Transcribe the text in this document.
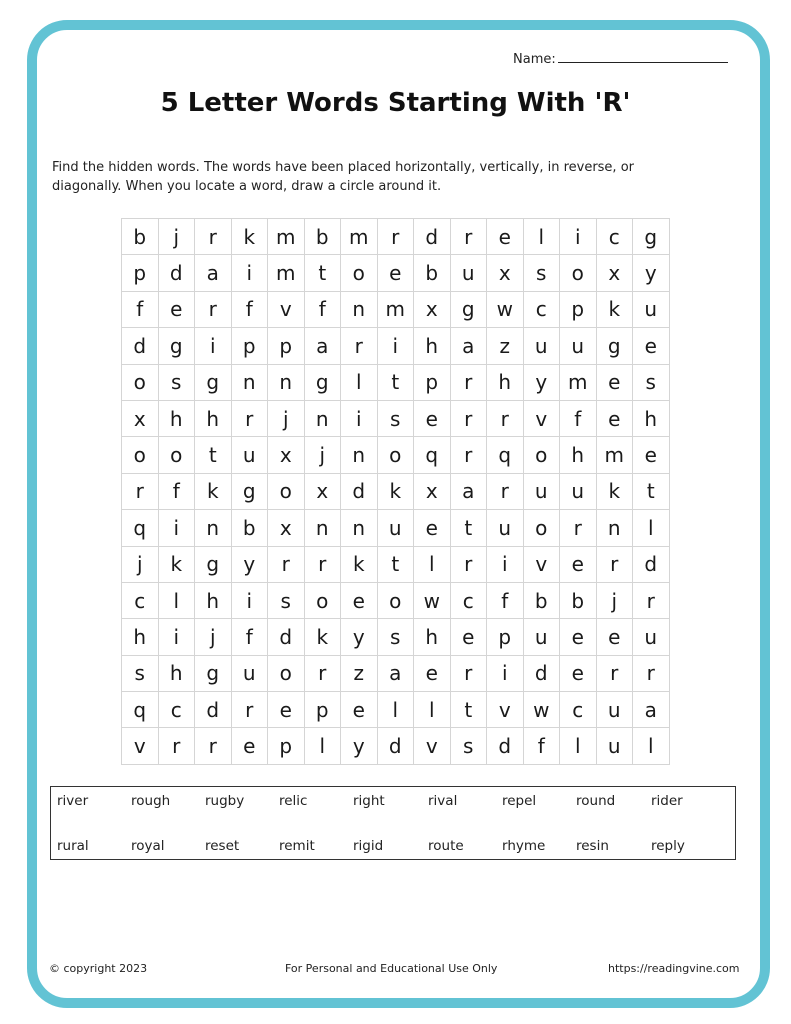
Name:
5 Letter Words Starting With 'R'
Find the hidden words. The words have been placed horizontally, vertically, in reverse, or diagonally. When you locate a word, draw a circle around it.
b	j	r	k	m	b	m	r	d	r	e	l	i	c	g
p	d	a	i	m	t	o	e	b	u	x	s	o	x	y
f	e	r	f	v	f	n	m	x	g	w	c	p	k	u
d	g	i	p	p	a	r	i	h	a	z	u	u	g	e
o	s	g	n	n	g	l	t	p	r	h	y	m	e	s
x	h	h	r	j	n	i	s	e	r	r	v	f	e	h
o	o	t	u	x	j	n	o	q	r	q	o	h	m	e
r	f	k	g	o	x	d	k	x	a	r	u	u	k	t
q	i	n	b	x	n	n	u	e	t	u	o	r	n	l
j	k	g	y	r	r	k	t	l	r	i	v	e	r	d
c	l	h	i	s	o	e	o	w	c	f	b	b	j	r
h	i	j	f	d	k	y	s	h	e	p	u	e	e	u
s	h	g	u	o	r	z	a	e	r	i	d	e	r	r
q	c	d	r	e	p	e	l	l	t	v	w	c	u	a
v	r	r	e	p	l	y	d	v	s	d	f	l	u	l
river	rough	rugby	relic	right	rival	repel	round	rider
rural	royal	reset	remit	rigid	route	rhyme resin	reply
© copyright 2023	For Personal and Educational Use Only	https://readingvine.com
